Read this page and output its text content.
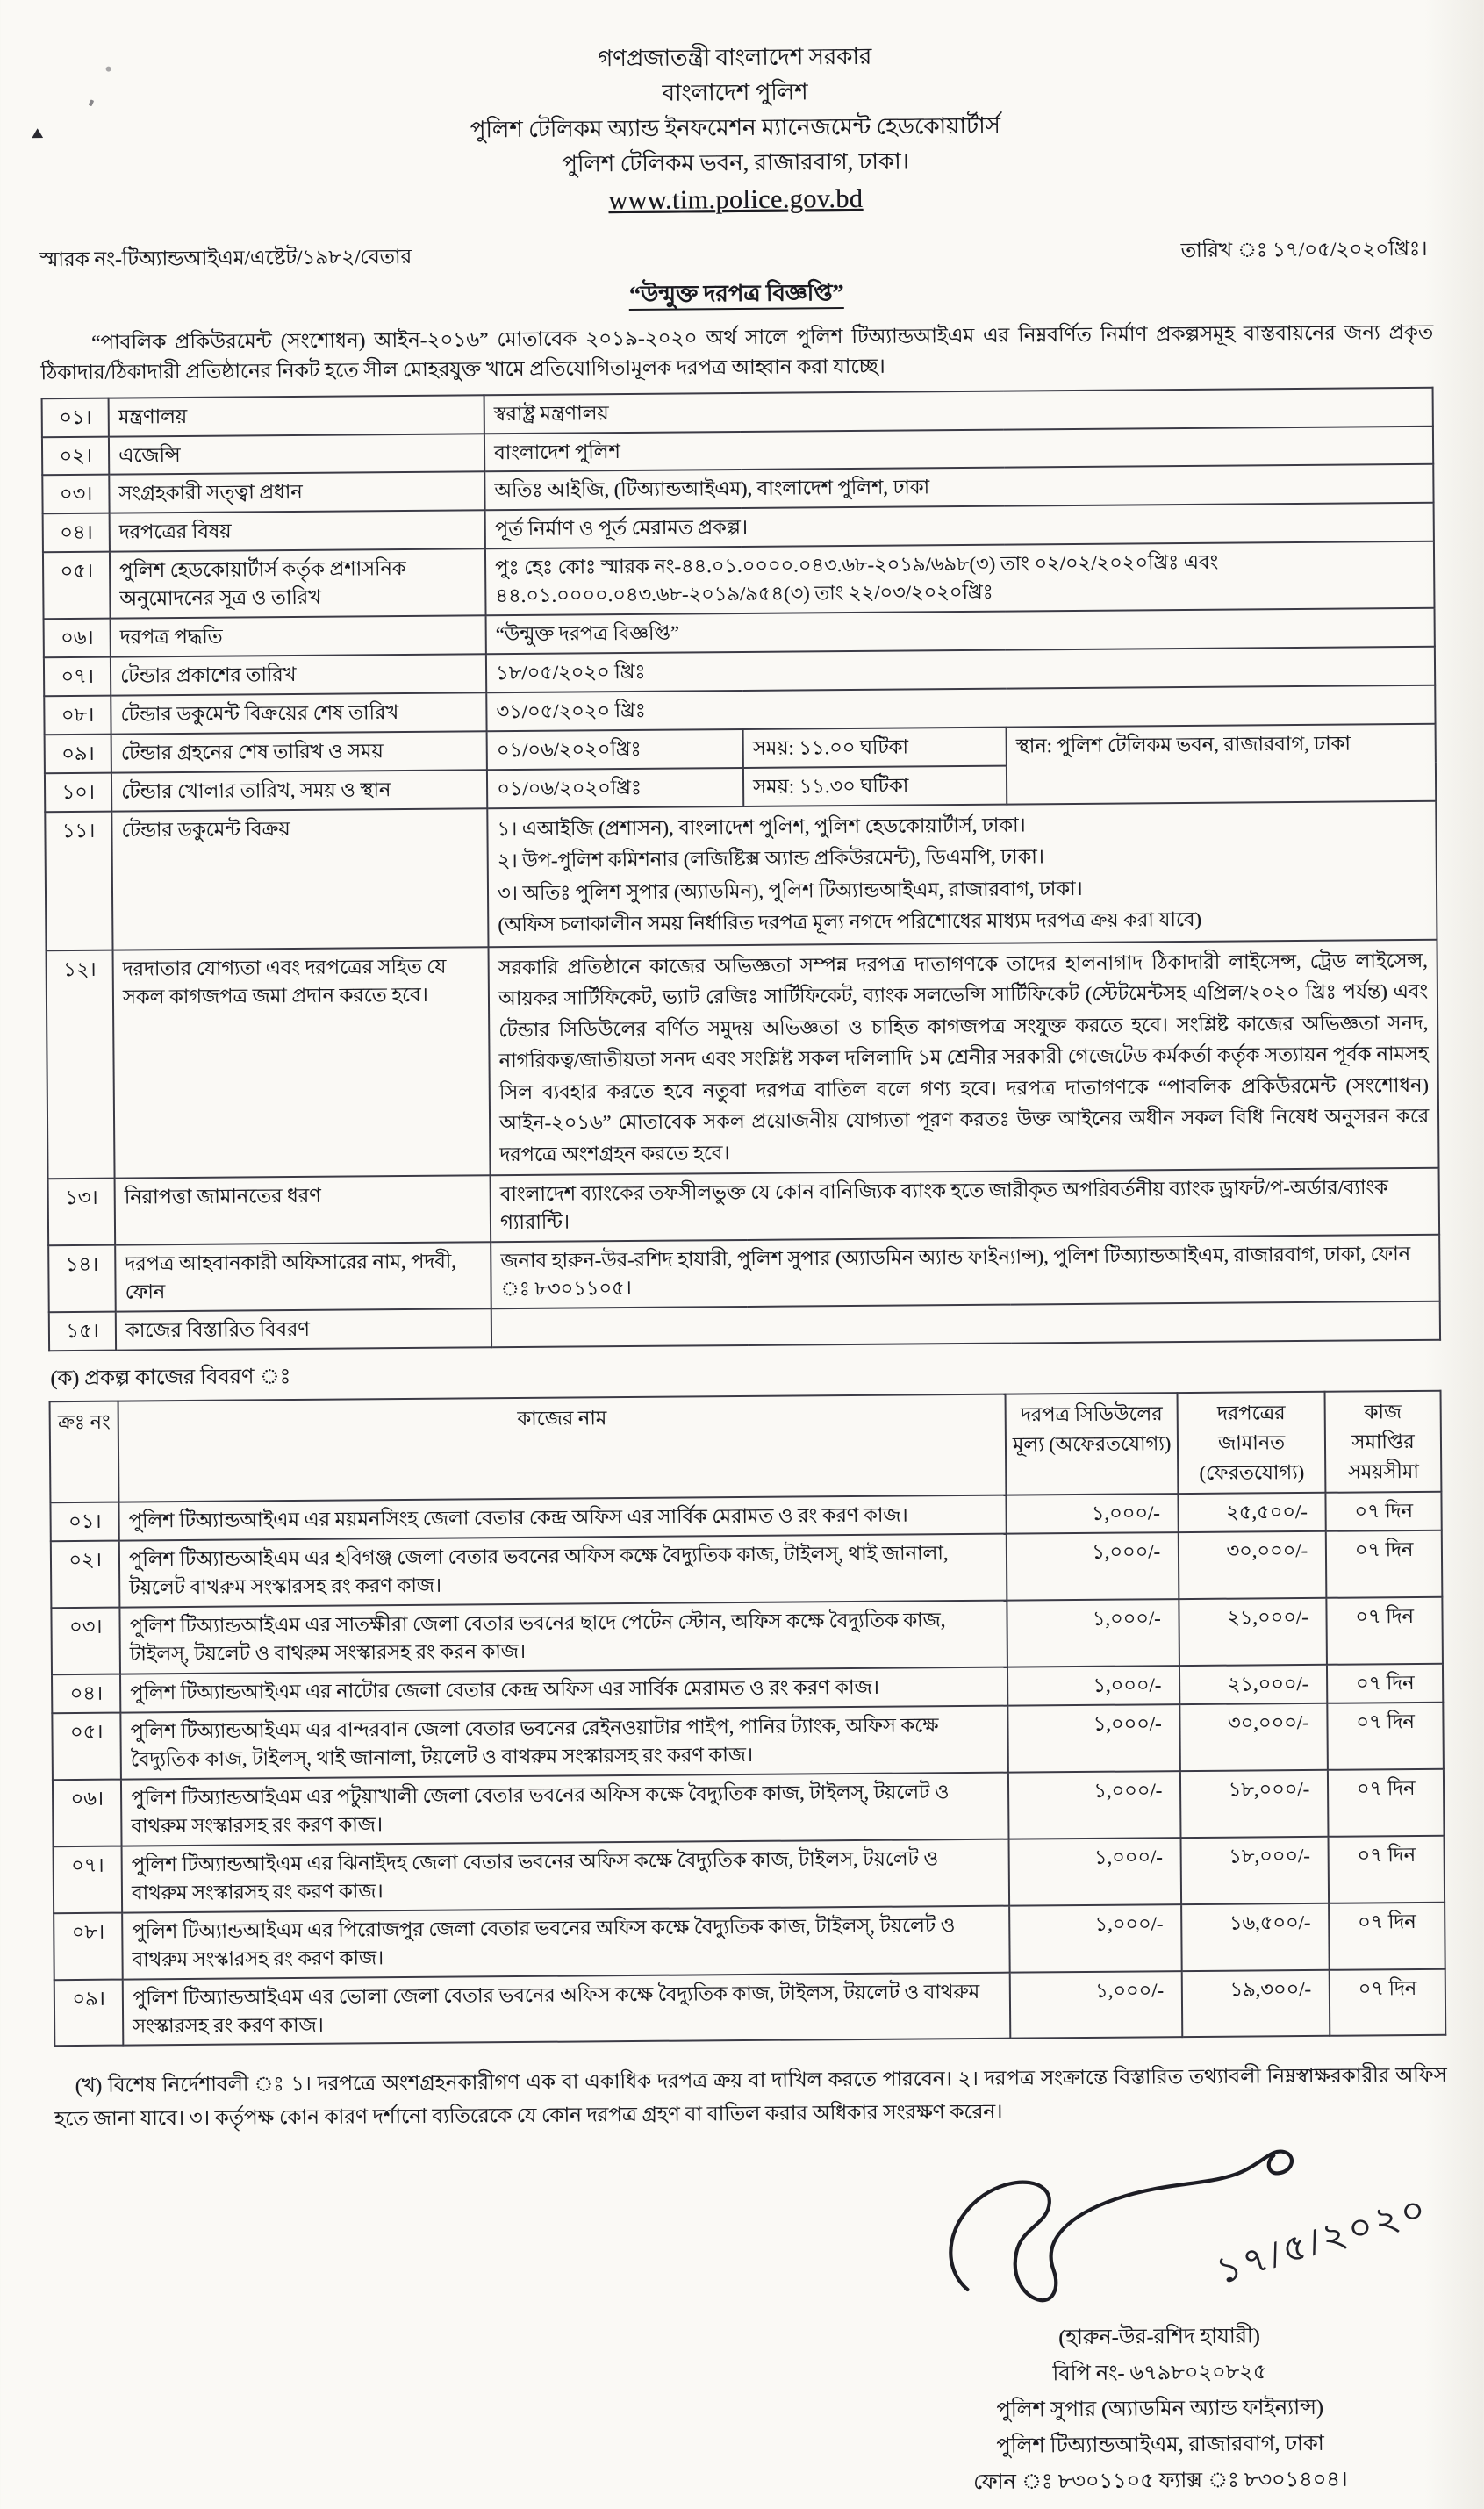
গণপ্রজাতন্ত্রী বাংলাদেশ সরকার
বাংলাদেশ পুলিশ
পুলিশ টেলিকম অ্যান্ড ইনফমেশন ম্যানেজমেন্ট হেডকোয়ার্টার্স
পুলিশ টেলিকম ভবন, রাজারবাগ, ঢাকা।
www.tim.police.gov.bd
স্মারক নং-টিঅ্যান্ডআইএম/এষ্টেট/১৯৮২/বেতার	তারিখ ঃ ১৭/০৫/২০২০খ্রিঃ।
“উন্মুক্ত দরপত্র বিজ্ঞপ্তি”
“পাবলিক প্রকিউরমেন্ট (সংশোধন) আইন-২০১৬” মোতাবেক ২০১৯-২০২০ অর্থ সালে পুলিশ টিঅ্যান্ডআইএম এর নিম্নবর্ণিত নির্মাণ প্রকল্পসমূহ বাস্তবায়নের জন্য প্রকৃত ঠিকাদার/ঠিকাদারী প্রতিষ্ঠানের নিকট হতে সীল মোহরযুক্ত খামে প্রতিযোগিতামূলক দরপত্র আহ্বান করা যাচ্ছে।
০১।	মন্ত্রণালয়	স্বরাষ্ট্র মন্ত্রণালয়		
০২।	এজেন্সি	বাংলাদেশ পুলিশ		
০৩।	সংগ্রহকারী সত্ত্বা প্রধান	অতিঃ আইজি, (টিঅ্যান্ডআইএম), বাংলাদেশ পুলিশ, ঢাকা		
০৪।	দরপত্রের বিষয়	পূর্ত নির্মাণ ও পূর্ত মেরামত প্রকল্প।		
০৫।	পুলিশ হেডকোয়ার্টার্স কর্তৃক প্রশাসনিক অনুমোদনের সূত্র ও তারিখ	পুঃ হেঃ কোঃ স্মারক নং-৪৪.০১.০০০০.০৪৩.৬৮-২০১৯/৬৯৮(৩) তাং ০২/০২/২০২০খ্রিঃ এবং ৪৪.০১.০০০০.০৪৩.৬৮-২০১৯/৯৫৪(৩) তাং ২২/০৩/২০২০খ্রিঃ		
০৬।	দরপত্র পদ্ধতি	“উন্মুক্ত দরপত্র বিজ্ঞপ্তি”		
০৭।	টেন্ডার প্রকাশের তারিখ	১৮/০৫/২০২০ খ্রিঃ		
০৮।	টেন্ডার ডকুমেন্ট বিক্রয়ের শেষ তারিখ	৩১/০৫/২০২০ খ্রিঃ		
০৯।	টেন্ডার গ্রহনের শেষ তারিখ ও সময়	০১/০৬/২০২০খ্রিঃ	সময়: ১১.০০ ঘটিকা	স্থান: পুলিশ টেলিকম ভবন, রাজারবাগ, ঢাকা
১০।	টেন্ডার খোলার তারিখ, সময় ও স্থান	০১/০৬/২০২০খ্রিঃ	সময়: ১১.৩০ ঘটিকা	
১১।	টেন্ডার ডকুমেন্ট বিক্রয়	১। এআইজি (প্রশাসন), বাংলাদেশ পুলিশ, পুলিশ হেডকোয়ার্টার্স, ঢাকা।
২। উপ-পুলিশ কমিশনার (লজিষ্টিক্স অ্যান্ড প্রকিউরমেন্ট), ডিএমপি, ঢাকা।
৩। অতিঃ পুলিশ সুপার (অ্যাডমিন), পুলিশ টিঅ্যান্ডআইএম, রাজারবাগ, ঢাকা।
(অফিস চলাকালীন সময় নির্ধারিত দরপত্র মূল্য নগদে পরিশোধের মাধ্যম দরপত্র ক্রয় করা যাবে)		

১২।	দরদাতার যোগ্যতা এবং দরপত্রের সহিত যে সকল কাগজপত্র জমা প্রদান করতে হবে।	সরকারি প্রতিষ্ঠানে কাজের অভিজ্ঞতা সম্পন্ন দরপত্র দাতাগণকে তাদের হালনাগাদ ঠিকাদারী লাইসেন্স, ট্রেড লাইসেন্স, আয়কর সার্টিফিকেট, ভ্যাট রেজিঃ সার্টিফিকেট, ব্যাংক সলভেন্সি সার্টিফিকেট (স্টেটমেন্টসহ এপ্রিল/২০২০ খ্রিঃ পর্যন্ত) এবং টেন্ডার সিডিউলের বর্ণিত সমুদয় অভিজ্ঞতা ও চাহিত কাগজপত্র সংযুক্ত করতে হবে। সংশ্লিষ্ট কাজের অভিজ্ঞতা সনদ, নাগরিকত্ব/জাতীয়তা সনদ এবং সংশ্লিষ্ট সকল দলিলাদি ১ম শ্রেনীর সরকারী গেজেটেড কর্মকর্তা কর্তৃক সত্যায়ন পূর্বক নামসহ সিল ব্যবহার করতে হবে নতুবা দরপত্র বাতিল বলে গণ্য হবে। দরপত্র দাতাগণকে “পাবলিক প্রকিউরমেন্ট (সংশোধন) আইন-২০১৬” মোতাবেক সকল প্রয়োজনীয় যোগ্যতা পূরণ করতঃ উক্ত আইনের অধীন সকল বিধি নিষেধ অনুসরন করে দরপত্রে অংশগ্রহন করতে হবে।		
১৩।	নিরাপত্তা জামানতের ধরণ	বাংলাদেশ ব্যাংকের তফসীলভুক্ত যে কোন বানিজ্যিক ব্যাংক হতে জারীকৃত অপরিবর্তনীয় ব্যাংক ড্রাফট/প-অর্ডার/ব্যাংক গ্যারান্টি।		
১৪।	দরপত্র আহবানকারী অফিসারের নাম, পদবী, ফোন	জনাব হারুন-উর-রশিদ হাযারী, পুলিশ সুপার (অ্যাডমিন অ্যান্ড ফাইন্যান্স), পুলিশ টিঅ্যান্ডআইএম, রাজারবাগ, ঢাকা, ফোন ঃ ৮৩০১১০৫।		
১৫।	কাজের বিস্তারিত বিবরণ			
(ক) প্রকল্প কাজের বিবরণ ঃ
ক্রঃ নং	কাজের নাম	দরপত্র সিডিউলের মূল্য (অফেরতযোগ্য)	দরপত্রের জামানত (ফেরতযোগ্য)	কাজ সমাপ্তির সময়সীমা
০১।	পুলিশ টিঅ্যান্ডআইএম এর ময়মনসিংহ জেলা বেতার কেন্দ্র অফিস এর সার্বিক মেরামত ও রং করণ কাজ।	১,০০০/-	২৫,৫০০/-	০৭ দিন
০২।	পুলিশ টিঅ্যান্ডআইএম এর হবিগঞ্জ জেলা বেতার ভবনের অফিস কক্ষে বৈদ্যুতিক কাজ, টাইলস্, থাই জানালা, টয়লেট বাথরুম সংস্কারসহ রং করণ কাজ।	১,০০০/-	৩০,০০০/-	০৭ দিন
০৩।	পুলিশ টিঅ্যান্ডআইএম এর সাতক্ষীরা জেলা বেতার ভবনের ছাদে পেটেন স্টোন, অফিস কক্ষে বৈদ্যুতিক কাজ, টাইলস্, টয়লেট ও বাথরুম সংস্কারসহ রং করন কাজ।	১,০০০/-	২১,০০০/-	০৭ দিন
০৪।	পুলিশ টিঅ্যান্ডআইএম এর নাটোর জেলা বেতার কেন্দ্র অফিস এর সার্বিক মেরামত ও রং করণ কাজ।	১,০০০/-	২১,০০০/-	০৭ দিন
০৫।	পুলিশ টিঅ্যান্ডআইএম এর বান্দরবান জেলা বেতার ভবনের রেইনওয়াটার পাইপ, পানির ট্যাংক, অফিস কক্ষে বৈদ্যুতিক কাজ, টাইলস্, থাই জানালা, টয়লেট ও বাথরুম সংস্কারসহ রং করণ কাজ।	১,০০০/-	৩০,০০০/-	০৭ দিন
০৬।	পুলিশ টিঅ্যান্ডআইএম এর পটুয়াখালী জেলা বেতার ভবনের অফিস কক্ষে বৈদ্যুতিক কাজ, টাইলস্, টয়লেট ও বাথরুম সংস্কারসহ রং করণ কাজ।	১,০০০/-	১৮,০০০/-	০৭ দিন
০৭।	পুলিশ টিঅ্যান্ডআইএম এর ঝিনাইদহ জেলা বেতার ভবনের অফিস কক্ষে বৈদ্যুতিক কাজ, টাইলস, টয়লেট ও বাথরুম সংস্কারসহ রং করণ কাজ।	১,০০০/-	১৮,০০০/-	০৭ দিন
০৮।	পুলিশ টিঅ্যান্ডআইএম এর পিরোজপুর জেলা বেতার ভবনের অফিস কক্ষে বৈদ্যুতিক কাজ, টাইলস্, টয়লেট ও বাথরুম সংস্কারসহ রং করণ কাজ।	১,০০০/-	১৬,৫০০/-	০৭ দিন
০৯।	পুলিশ টিঅ্যান্ডআইএম এর ভোলা জেলা বেতার ভবনের অফিস কক্ষে বৈদ্যুতিক কাজ, টাইলস, টয়লেট ও বাথরুম সংস্কারসহ রং করণ কাজ।	১,০০০/-	১৯,৩০০/-	০৭ দিন
(খ) বিশেষ নির্দেশাবলী ঃ ১। দরপত্রে অংশগ্রহনকারীগণ এক বা একাধিক দরপত্র ক্রয় বা দাখিল করতে পারবেন। ২। দরপত্র সংক্রান্তে বিস্তারিত তথ্যাবলী নিম্নস্বাক্ষরকারীর অফিস হতে জানা যাবে। ৩। কর্তৃপক্ষ কোন কারণ দর্শানো ব্যতিরেকে যে কোন দরপত্র গ্রহণ বা বাতিল করার অধিকার সংরক্ষণ করেন।
১৭/৫/২০২০
(হারুন-উর-রশিদ হাযারী)
বিপি নং- ৬৭৯৮০২০৮২৫
পুলিশ সুপার (অ্যাডমিন অ্যান্ড ফাইন্যান্স)
পুলিশ টিঅ্যান্ডআইএম, রাজারবাগ, ঢাকা
ফোন ঃ ৮৩০১১০৫ ফ্যাক্স ঃ ৮৩০১৪০৪।
